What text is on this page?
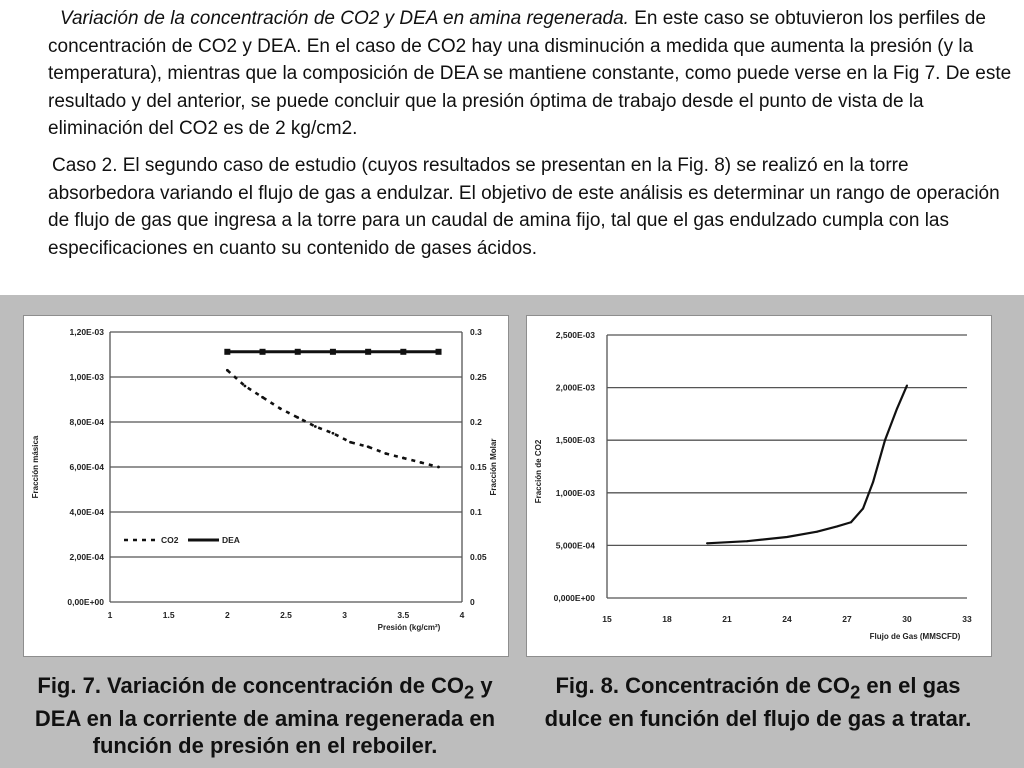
Variación de la concentración de CO2 y DEA en amina regenerada. En este caso se obtuvieron los perfiles de concentración de CO2 y DEA. En el caso de CO2 hay una disminución a medida que aumenta la presión (y la temperatura), mientras que la composición de DEA se mantiene constante, como puede verse en la Fig 7. De este resultado y del anterior, se puede concluir que la presión óptima de trabajo desde el punto de vista de la eliminación del CO2 es de 2 kg/cm2.
Caso 2. El segundo caso de estudio (cuyos resultados se presentan en la Fig. 8) se realizó en la torre absorbedora variando el flujo de gas a endulzar. El objetivo de este análisis es determinar un rango de operación de flujo de gas que ingresa a la torre para un caudal de amina fijo, tal que el gas endulzado cumpla con las especificaciones en cuanto su contenido de gases ácidos.
0,00E+00	0
2,00E-04	0.05
4,00E-04	0.1
6,00E-04	0.15
8,00E-04	0.2
1,00E-03	0.25
1,20E-03	0.3
1	1.5	2	2.5	3	3.5	4
Presión (kg/cm²)
Fracción másica	Fracción Molar
CO2	DEA
0,000E+00
5,000E-04
1,000E-03
1,500E-03
2,000E-03
2,500E-03
15	18	21	24	27	30	33
Flujo de Gas (MMSCFD)
Fracción de CO2
Fig. 7. Variación de concentración de $CO_2$ y DEA en la corriente de amina regenerada en función de presión en el reboiler.
Fig. 8. Concentración de $CO_2$ en el gas dulce en función del flujo de gas a tratar.
